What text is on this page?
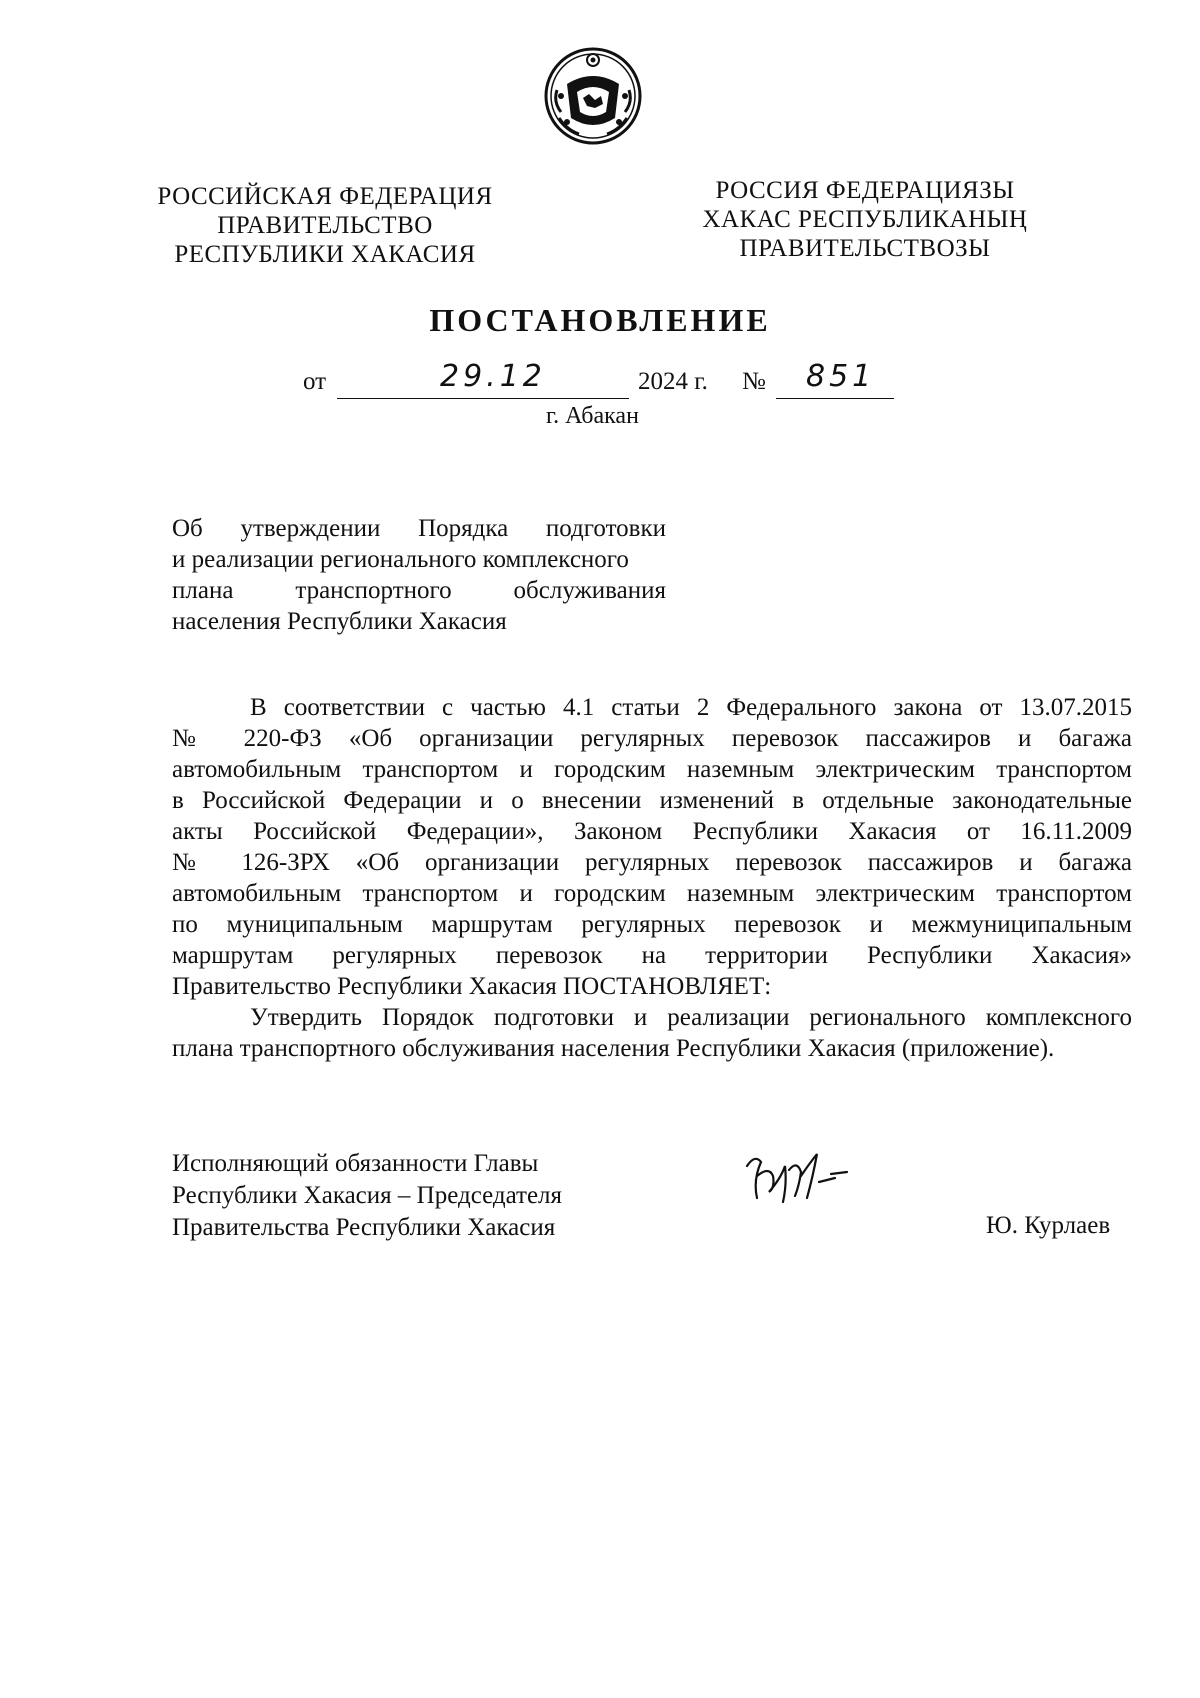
РОССИЙСКАЯ ФЕДЕРАЦИЯ
ПРАВИТЕЛЬСТВО
РЕСПУБЛИКИ ХАКАСИЯ
РОССИЯ ФЕДЕРАЦИЯЗЫ
ХАКАС РЕСПУБЛИКАНЫҢ
ПРАВИТЕЛЬСТВОЗЫ
ПОСТАНОВЛЕНИЕ
от	29.12	2024 г. № 851
г. Абакан
Об утверждении Порядка подготовки
и реализации регионального комплексного
плана транспортного обслуживания
населения Республики Хакасия
В соответствии с частью 4.1 статьи 2 Федерального закона от 13.07.2015
№ 220-ФЗ «Об организации регулярных перевозок пассажиров и багажа
автомобильным транспортом и городским наземным электрическим транспортом
в Российской Федерации и о внесении изменений в отдельные законодательные
акты Российской Федерации», Законом Республики Хакасия от 16.11.2009
№ 126-ЗРХ «Об организации регулярных перевозок пассажиров и багажа
автомобильным транспортом и городским наземным электрическим транспортом
по муниципальным маршрутам регулярных перевозок и межмуниципальным
маршрутам регулярных перевозок на территории Республики Хакасия»
Правительство Республики Хакасия ПОСТАНОВЛЯЕТ:
Утвердить Порядок подготовки и реализации регионального комплексного
плана транспортного обслуживания населения Республики Хакасия (приложение).
Исполняющий обязанности Главы
Республики Хакасия – Председателя
Правительства Республики Хакасия	Ю. Курлаев
